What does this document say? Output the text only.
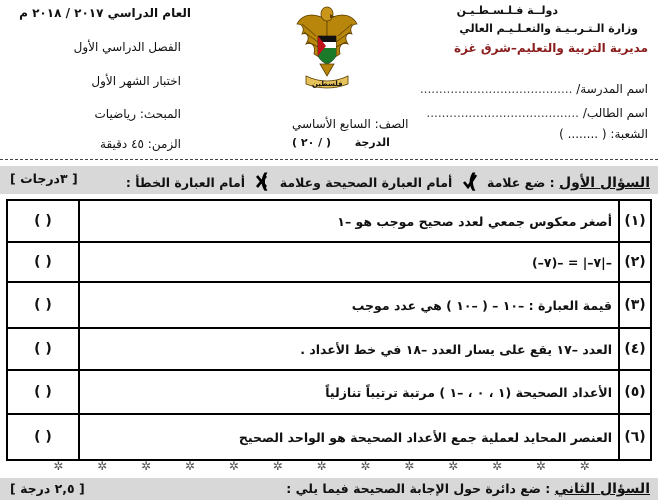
دولــة فـلـسـطـيـن
وزارة الـتـربـيـة والتعـلـيـم العالي
مديرية التربية والتعليم–شرق غزة
اسم المدرسة/ ........................................
اسم الطالب/ ........................................
الشعبة: ( ........ )
فلسطين
الصف: السابع الأساسي
الدرجة  ( / ٢٠ )
العام الدراسي ٢٠١٧ / ٢٠١٨ م
الفصل الدراسي الأول
اختبار الشهر الأول
المبحث: رياضيات
الزمن: ٤٥ دقيقة
السؤال الأول : ضع علامة
)
أمام العبارة الصحيحة وعلامة
)
أمام العبارة الخطأ :
[ ٣درجات ]
(١)	أصغر معكوس جمعي لعدد صحيح موجب هو –١	( )
(٢)	–|٧–| = –(٧–)	( )
(٣)	قيمة العبارة : –١٠ – ( –١٠ ) هي عدد موجب	( )
(٤)	العدد –١٧ يقع على يسار العدد –١٨ في خط الأعداد .	( )
(٥)	الأعداد الصحيحة (١ ، ٠ ، –١ ) مرتبة ترتيباً تنازلياً	( )
(٦)	العنصر المحايد لعملية جمع الأعداد الصحيحة هو الواحد الصحيح	( )
✲ ✲ ✲ ✲ ✲ ✲ ✲ ✲ ✲ ✲ ✲ ✲ ✲
السؤال الثاني : ضع دائرة حول الإجابة الصحيحة فيما يلي :
[ ٢,٥ درجة ]
